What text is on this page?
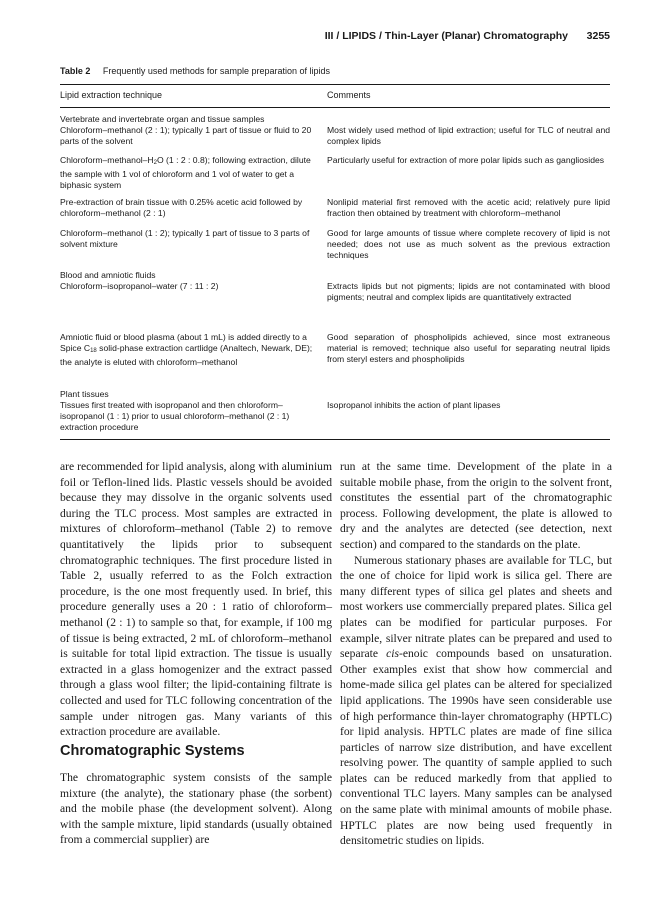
III / LIPIDS / Thin-Layer (Planar) Chromatography 3255
Table 2 Frequently used methods for sample preparation of lipids
Lipid extraction technique	Comments
Vertebrate and invertebrate organ and tissue samples
Chloroform–methanol (2 : 1); typically 1 part of tissue or fluid to 20 parts of the solvent
Most widely used method of lipid extraction; useful for TLC of neutral and complex lipids
Chloroform–methanol–H2O (1 : 2 : 0.8); following extraction, dilute the sample with 1 vol of chloroform and 1 vol of water to get a biphasic system
Particularly useful for extraction of more polar lipids such as gangliosides
Pre-extraction of brain tissue with 0.25% acetic acid followed by chloroform–methanol (2 : 1)
Nonlipid material first removed with the acetic acid; relatively pure lipid fraction then obtained by treatment with chloroform–methanol
Chloroform–methanol (1 : 2); typically 1 part of tissue to 3 parts of solvent mixture
Good for large amounts of tissue where complete recovery of lipid is not needed; does not use as much solvent as the previous extraction techniques
Blood and amniotic fluids
Chloroform–isopropanol–water (7 : 11 : 2)	Extracts lipids but not pigments; lipids are not contaminated with blood pigments; neutral and complex lipids are quantitatively extracted
Amniotic fluid or blood plasma (about 1 mL) is added directly to a Spice C18 solid-phase extraction cartlidge (Analtech, Newark, DE); the analyte is eluted with chloroform–methanol
Good separation of phospholipids achieved, since most extraneous material is removed; technique also useful for separating neutral lipids from steryl esters and phospholipids
Plant tissues
Tissues first treated with isopropanol and then chloroform–isopropanol (1 : 1) prior to usual chloroform–methanol (2 : 1) extraction procedure
Isopropanol inhibits the action of plant lipases

are recommended for lipid analysis, along with aluminium foil or Teflon-lined lids. Plastic vessels should be avoided because they may dissolve in the organic solvents used during the TLC process. Most samples are extracted in mixtures of chloroform–methanol (Table 2) to remove quantitatively the lipids prior to subsequent chromatographic techniques. The first procedure listed in Table 2, usually referred to as the Folch extraction procedure, is the one most frequently used. In brief, this procedure generally uses a 20 : 1 ratio of chloroform–methanol (2 : 1) to sample so that, for example, if 100 mg of tissue is being extracted, 2 mL of chloroform–methanol is suitable for total lipid extraction. The tissue is usually extracted in a glass homogenizer and the extract passed through a glass wool filter; the lipid-containing filtrate is collected and used for TLC following concentration of the sample under nitrogen gas. Many variants of this extraction procedure are available.

Chromatographic Systems

The chromatographic system consists of the sample mixture (the analyte), the stationary phase (the sorbent) and the mobile phase (the development solvent). Along with the sample mixture, lipid standards (usually obtained from a commercial supplier) are

run at the same time. Development of the plate in a suitable mobile phase, from the origin to the solvent front, constitutes the essential part of the chromatographic process. Following development, the plate is allowed to dry and the analytes are detected (see detection, next section) and compared to the standards on the plate.

Numerous stationary phases are available for TLC, but the one of choice for lipid work is silica gel. There are many different types of silica gel plates and sheets and most workers use commercially prepared plates. Silica gel plates can be modified for particular purposes. For example, silver nitrate plates can be prepared and used to separate cis-enoic compounds based on unsaturation. Other examples exist that show how commercial and home-made silica gel plates can be altered for specialized lipid applications. The 1990s have seen considerable use of high performance thin-layer chromatography (HPTLC) for lipid analysis. HPTLC plates are made of fine silica particles of narrow size distribution, and have excellent resolving power. The quantity of sample applied to such plates can be reduced markedly from that applied to conventional TLC layers. Many samples can be analysed on the same plate with minimal amounts of mobile phase. HPTLC plates are now being used frequently in densitometric studies on lipids.
